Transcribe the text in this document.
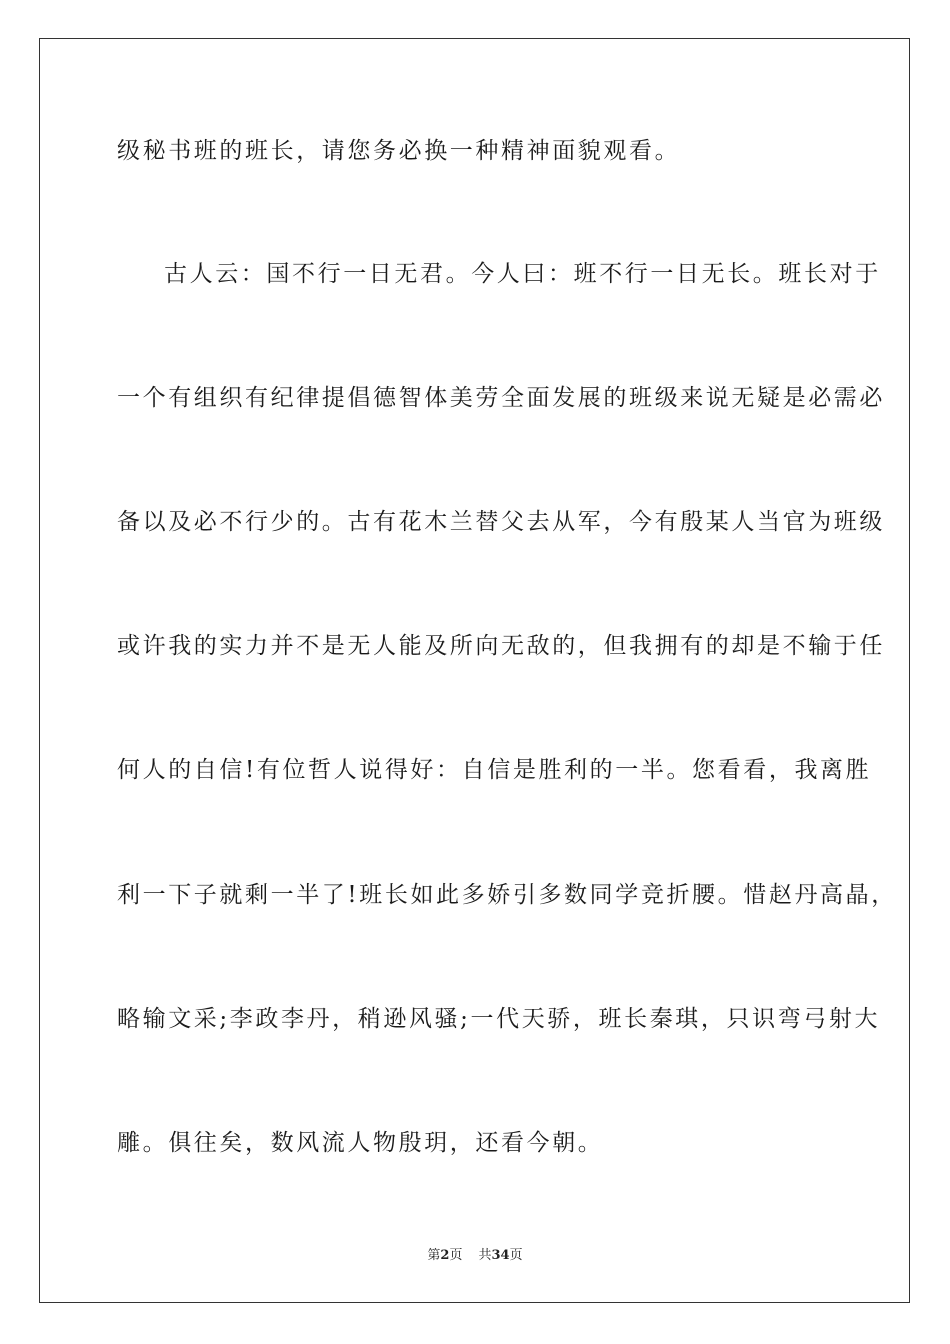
级秘书班的班长，请您务必换一种精神面貌观看。
古人云：国不行一日无君。今人曰：班不行一日无长。班长对于
一个有组织有纪律提倡德智体美劳全面发展的班级来说无疑是必需必
备以及必不行少的。古有花木兰替父去从军，今有殷某人当官为班级
或许我的实力并不是无人能及所向无敌的，但我拥有的却是不输于任
何人的自信!有位哲人说得好：自信是胜利的一半。您看看，我离胜
利一下子就剩一半了!班长如此多娇引多数同学竞折腰。惜赵丹高晶，
略输文采;李政李丹，稍逊风骚;一代天骄，班长秦琪，只识弯弓射大
雕。俱往矣，数风流人物殷玥，还看今朝。
第2页 共34页
